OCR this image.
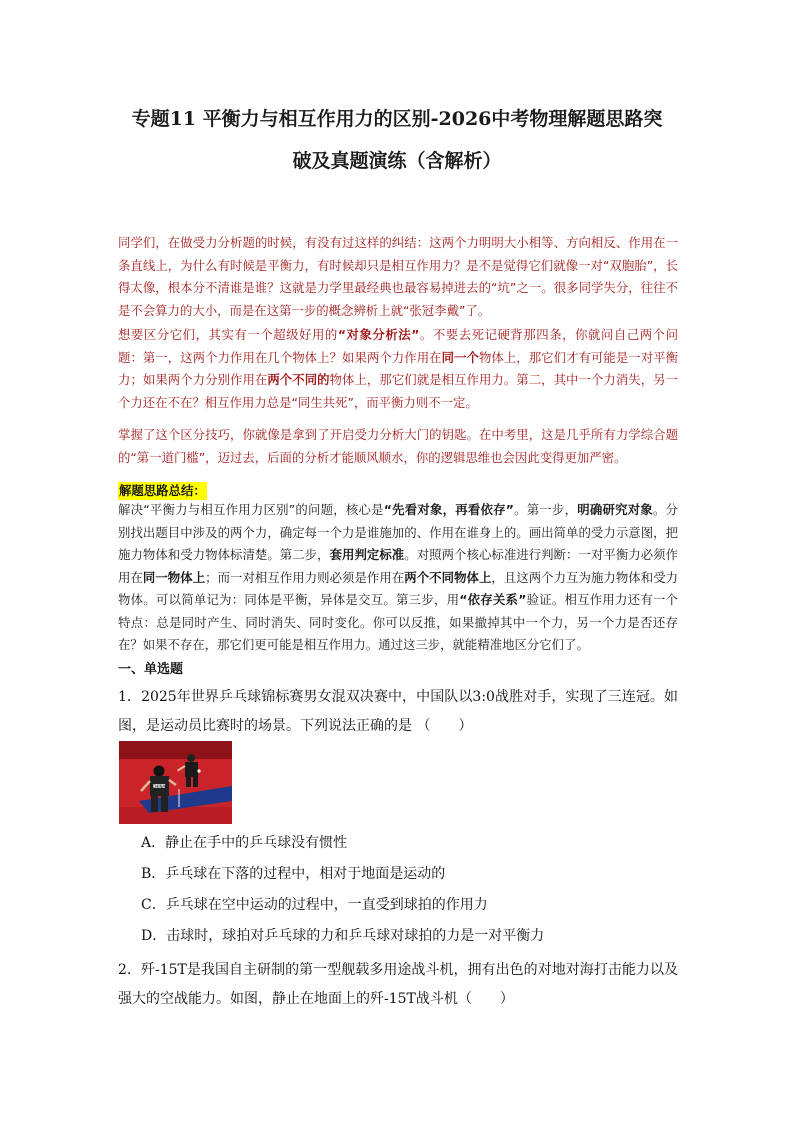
专题11 平衡力与相互作用力的区别-2026中考物理解题思路突
破及真题演练（含解析）

同学们，在做受力分析题的时候，有没有过这样的纠结：这两个力明明大小相等、方向相反、作用在一条直线上，为什么有时候是平衡力，有时候却只是相互作用力？是不是觉得它们就像一对“双胞胎”，长得太像，根本分不清谁是谁？这就是力学里最经典也最容易掉进去的“坑”之一。很多同学失分，往往不是不会算力的大小，而是在这第一步的概念辨析上就“张冠李戴”了。

想要区分它们，其实有一个超级好用的“对象分析法”。不要去死记硬背那四条，你就问自己两个问题：第一，这两个力作用在几个物体上？如果两个力作用在同一个物体上，那它们才有可能是一对平衡力；如果两个力分别作用在两个不同的物体上，那它们就是相互作用力。第二，其中一个力消失，另一个力还在不在？相互作用力总是“同生共死”，而平衡力则不一定。

掌握了这个区分技巧，你就像是拿到了开启受力分析大门的钥匙。在中考里，这是几乎所有力学综合题的“第一道门槛”，迈过去，后面的分析才能顺风顺水，你的逻辑思维也会因此变得更加严密。

解题思路总结：

解决“平衡力与相互作用力区别”的问题，核心是“先看对象，再看依存”。第一步，明确研究对象。分别找出题目中涉及的两个力，确定每一个力是谁施加的、作用在谁身上的。画出简单的受力示意图，把施力物体和受力物体标清楚。第二步，套用判定标准。对照两个核心标准进行判断：一对平衡力必须作用在同一物体上；而一对相互作用力则必须是作用在两个不同物体上，且这两个力互为施力物体和受力物体。可以简单记为：同体是平衡，异体是交互。第三步，用“依存关系”验证。相互作用力还有一个特点：总是同时产生、同时消失、同时变化。你可以反推，如果撤掉其中一个力，另一个力是否还存在？如果不存在，那它们更可能是相互作用力。通过这三步，就能精准地区分它们了。

一、单选题

1．2025年世界乒乓球锦标赛男女混双决赛中，中国队以3:0战胜对手，实现了三连冠。如图，是运动员比赛时的场景。下列说法正确的是 （　　）

CHINA
A．静止在手中的乒乓球没有惯性
B．乒乓球在下落的过程中，相对于地面是运动的
C．乒乓球在空中运动的过程中，一直受到球拍的作用力
D．击球时，球拍对乒乓球的力和乒乓球对球拍的力是一对平衡力

2．歼-15T是我国自主研制的第一型舰载多用途战斗机，拥有出色的对地对海打击能力以及强大的空战能力。如图，静止在地面上的歼-15T战斗机（　　）
